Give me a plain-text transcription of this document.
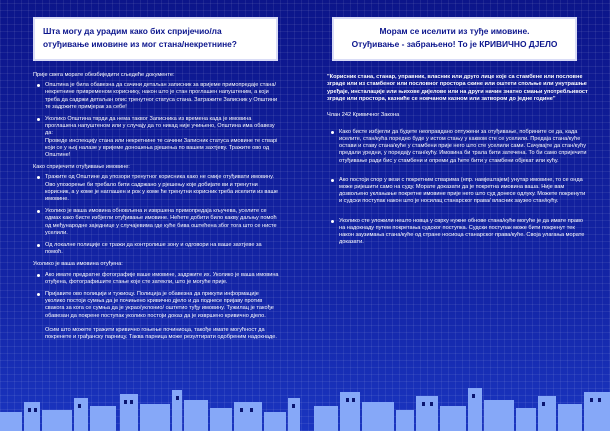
Шта могу да урадим како бих спријечио/ла отуђивање имовине из мог стана/некретнине?

Прије свега морате обезбиједити сљедеће документе:

Општина је била обавезна да сачини детаљан записник за вријеме примопредаје стана/некретнине привременом кориснику, након што је стан проглашен напуштеним, а који треба да садржи детаљан опис тренутног статуса стана. Затражите Записник у Општини те задржите примјерак за себе!
Уколико Општина тврди да нема таквог Записника из времена када је имовина проглашена напуштеном или у случају да то никад није учињено, Општина има обавезу да:
Прoведе инспекцију стана или некретнине те сачини Записник статуса имовине те стварі који се у њој налазе у вријеме доношења рјешења по вашем захтјеву. Тражите ово од Општине!

Како спријечити отуђивање имовине:

Тражите од Општине да упозори тренутног корисника како не смије отуђивати имовину. Ово упозорење би требало бити садржано у рјешењу које добијате ви и тренутни корисник, а у коме је наглашен и рок у коме ће тренутни корисник треба иселити из ваше имовине.
Уколико је ваша имовина обновљена и извршена примопредаја кључева, уселите се одмах како бисте избјегли отуђивање имовине. Нећете добити било какву даљњу помоћ од међународне заједнице у случајевима где куће бива оштећена због тога што се нисте уселили.
Од локалне полиције се тражи да контролише зону и одговори на ваше захтјеве за помоћ.

Уколико је ваша имовина отуђена:

Ако имате предратне фотографије ваше имовине, задржите их. Уколико је ваша имовина отуђена, фотографишите стање које сте затекли, што је могуће прије.
Пријавите ово полицији и тужиоцу. Полиција је обавезна да прикупи информације уколико постоји сумња да је почињено кривично дјело и да поднесе пријаву против свакога за кога се сумња да је украо/уклонио/ оштетио туђу имовину. Тужилац је такође обавезан да покрене поступак уколико постоји доказ да је извршено кривично дјело.

Осим што можете тражити кривично гоњење починиоца, такође имате могућност да покренете и грађанску парницу. Таква парница може резултирати одобреним надокнаде.
Морам се иселити из туђе имовине.
Отуђивање - забрањено! То је КРИВИЧНО ДЈЕЛО

"Корисник стана, станар, управник, власник или друго лице које са стамбене или пословне зграде или из стамбеног или пословног простора скине или оштети спољње или унутрашње уређаје, инсталације или њихове дијелове или на други начин знатно смањи употребљивост зграде или простора, казниће се новчаном казном или затвором до једне године"

Члан 242 Кривичног Закона

Како бисте избјегли да будете неоправдано оптужени за отуђивање, побрините се да, када иселите, стан/кућа поредно буде у истом стању у каквом сте се уселили. Предаја стана/куће остави и ставу стана/куће у стамбени прије него што сте уселили сами. Сачувајте да стан/кућу предали уредни, у поредају стан/кућу. Имовина би трала бити затечена. То би само спријечити отуђивање ради бис у стамбени и опреми да ћете бити у стамбени објекат или кућу.
Ако постоји спор у вези с покретним стварима (нпр. намјештајем) унутар имовине, то се онда може ријешити само на суду. Морате доказати да је покретна имовина ваша. Није вам дозвољено уклањање покретне имовине прије него што суд донесе одлуку. Можете покренути и судски поступак након што је носилац станарског права/ власник заузео стан/кућу.
Уколико сте уложили нешто новца у сврху нужне обнове стана/куће могуће је да имате право на надокнаду путем покретања судског поступка. Судски поступак може бити покренут тек након заузимања стана/куће од стране носиоца станарског права/куће. Своја улагања морате доказати.
